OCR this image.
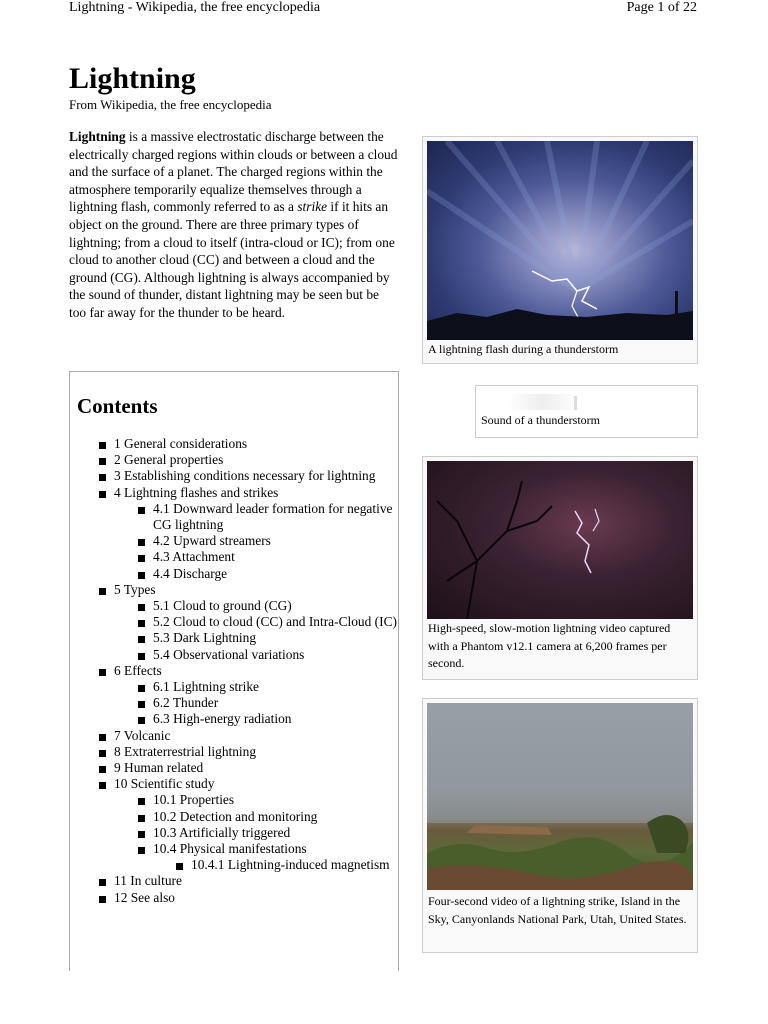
Lightning - Wikipedia, the free encyclopedia	Page 1 of 22
Lightning
From Wikipedia, the free encyclopedia

Lightning is a massive electrostatic discharge between the electrically charged regions within clouds or between a cloud and the surface of a planet. The charged regions within the atmosphere temporarily equalize themselves through a lightning flash, commonly referred to as a strike if it hits an object on the ground. There are three primary types of lightning; from a cloud to itself (intra-cloud or IC); from one cloud to another cloud (CC) and between a cloud and the ground (CG). Although lightning is always accompanied by the sound of thunder, distant lightning may be seen but be too far away for the thunder to be heard.

Contents
1 General considerations
2 General properties
3 Establishing conditions necessary for lightning
4 Lightning flashes and strikes
4.1 Downward leader formation for negative CG lightning
4.2 Upward streamers
4.3 Attachment
4.4 Discharge
5 Types
5.1 Cloud to ground (CG)
5.2 Cloud to cloud (CC) and Intra-Cloud (IC)
5.3 Dark Lightning
5.4 Observational variations
6 Effects
6.1 Lightning strike
6.2 Thunder
6.3 High-energy radiation
7 Volcanic
8 Extraterrestrial lightning
9 Human related
10 Scientific study
10.1 Properties
10.2 Detection and monitoring
10.3 Artificially triggered
10.4 Physical manifestations
10.4.1 Lightning-induced magnetism
11 In culture
12 See also
A lightning flash during a thunderstorm
Sound of a thunderstorm
High-speed, slow-motion lightning video captured with a Phantom v12.1 camera at 6,200 frames per second.
Four-second video of a lightning strike, Island in the Sky, Canyonlands National Park, Utah, United States.
